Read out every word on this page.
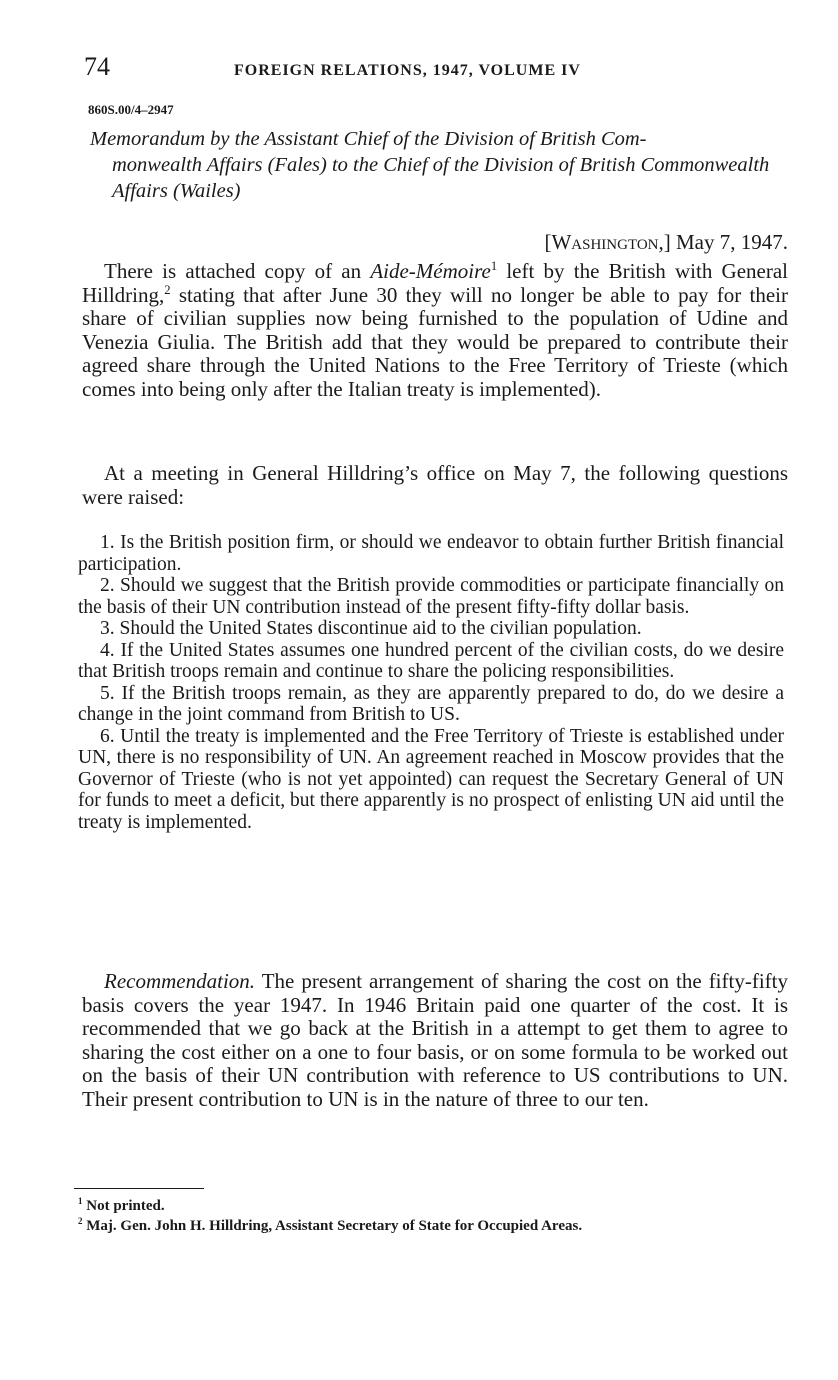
74	FOREIGN RELATIONS, 1947, VOLUME IV
860S.00/4–2947
Memorandum by the Assistant Chief of the Division of British Com-
monwealth Affairs (Fales) to the Chief of the Division of British Commonwealth Affairs (Wailes)
[Washington,] May 7, 1947.

There is attached copy of an Aide-Mémoire$^1$ left by the British with General Hilldring,$^2$ stating that after June 30 they will no longer be able to pay for their share of civilian supplies now being furnished to the population of Udine and Venezia Giulia. The British add that they would be prepared to contribute their agreed share through the United Nations to the Free Territory of Trieste (which comes into being only after the Italian treaty is implemented).

At a meeting in General Hilldring’s office on May 7, the following questions were raised:

1. Is the British position firm, or should we endeavor to obtain further British financial participation.

2. Should we suggest that the British provide commodities or participate financially on the basis of their UN contribution instead of the present fifty-fifty dollar basis.

3. Should the United States discontinue aid to the civilian population.

4. If the United States assumes one hundred percent of the civilian costs, do we desire that British troops remain and continue to share the policing responsibilities.

5. If the British troops remain, as they are apparently prepared to do, do we desire a change in the joint command from British to US.

6. Until the treaty is implemented and the Free Territory of Trieste is established under UN, there is no responsibility of UN. An agreement reached in Moscow provides that the Governor of Trieste (who is not yet appointed) can request the Secretary General of UN for funds to meet a deficit, but there apparently is no prospect of enlisting UN aid until the treaty is implemented.

Recommendation. The present arrangement of sharing the cost on the fifty-fifty basis covers the year 1947. In 1946 Britain paid one quarter of the cost. It is recommended that we go back at the British in a attempt to get them to agree to sharing the cost either on a one to four basis, or on some formula to be worked out on the basis of their UN contribution with reference to US contributions to UN. Their present contribution to UN is in the nature of three to our ten.

$^1$ Not printed.

$^2$ Maj. Gen. John H. Hilldring, Assistant Secretary of State for Occupied Areas.
